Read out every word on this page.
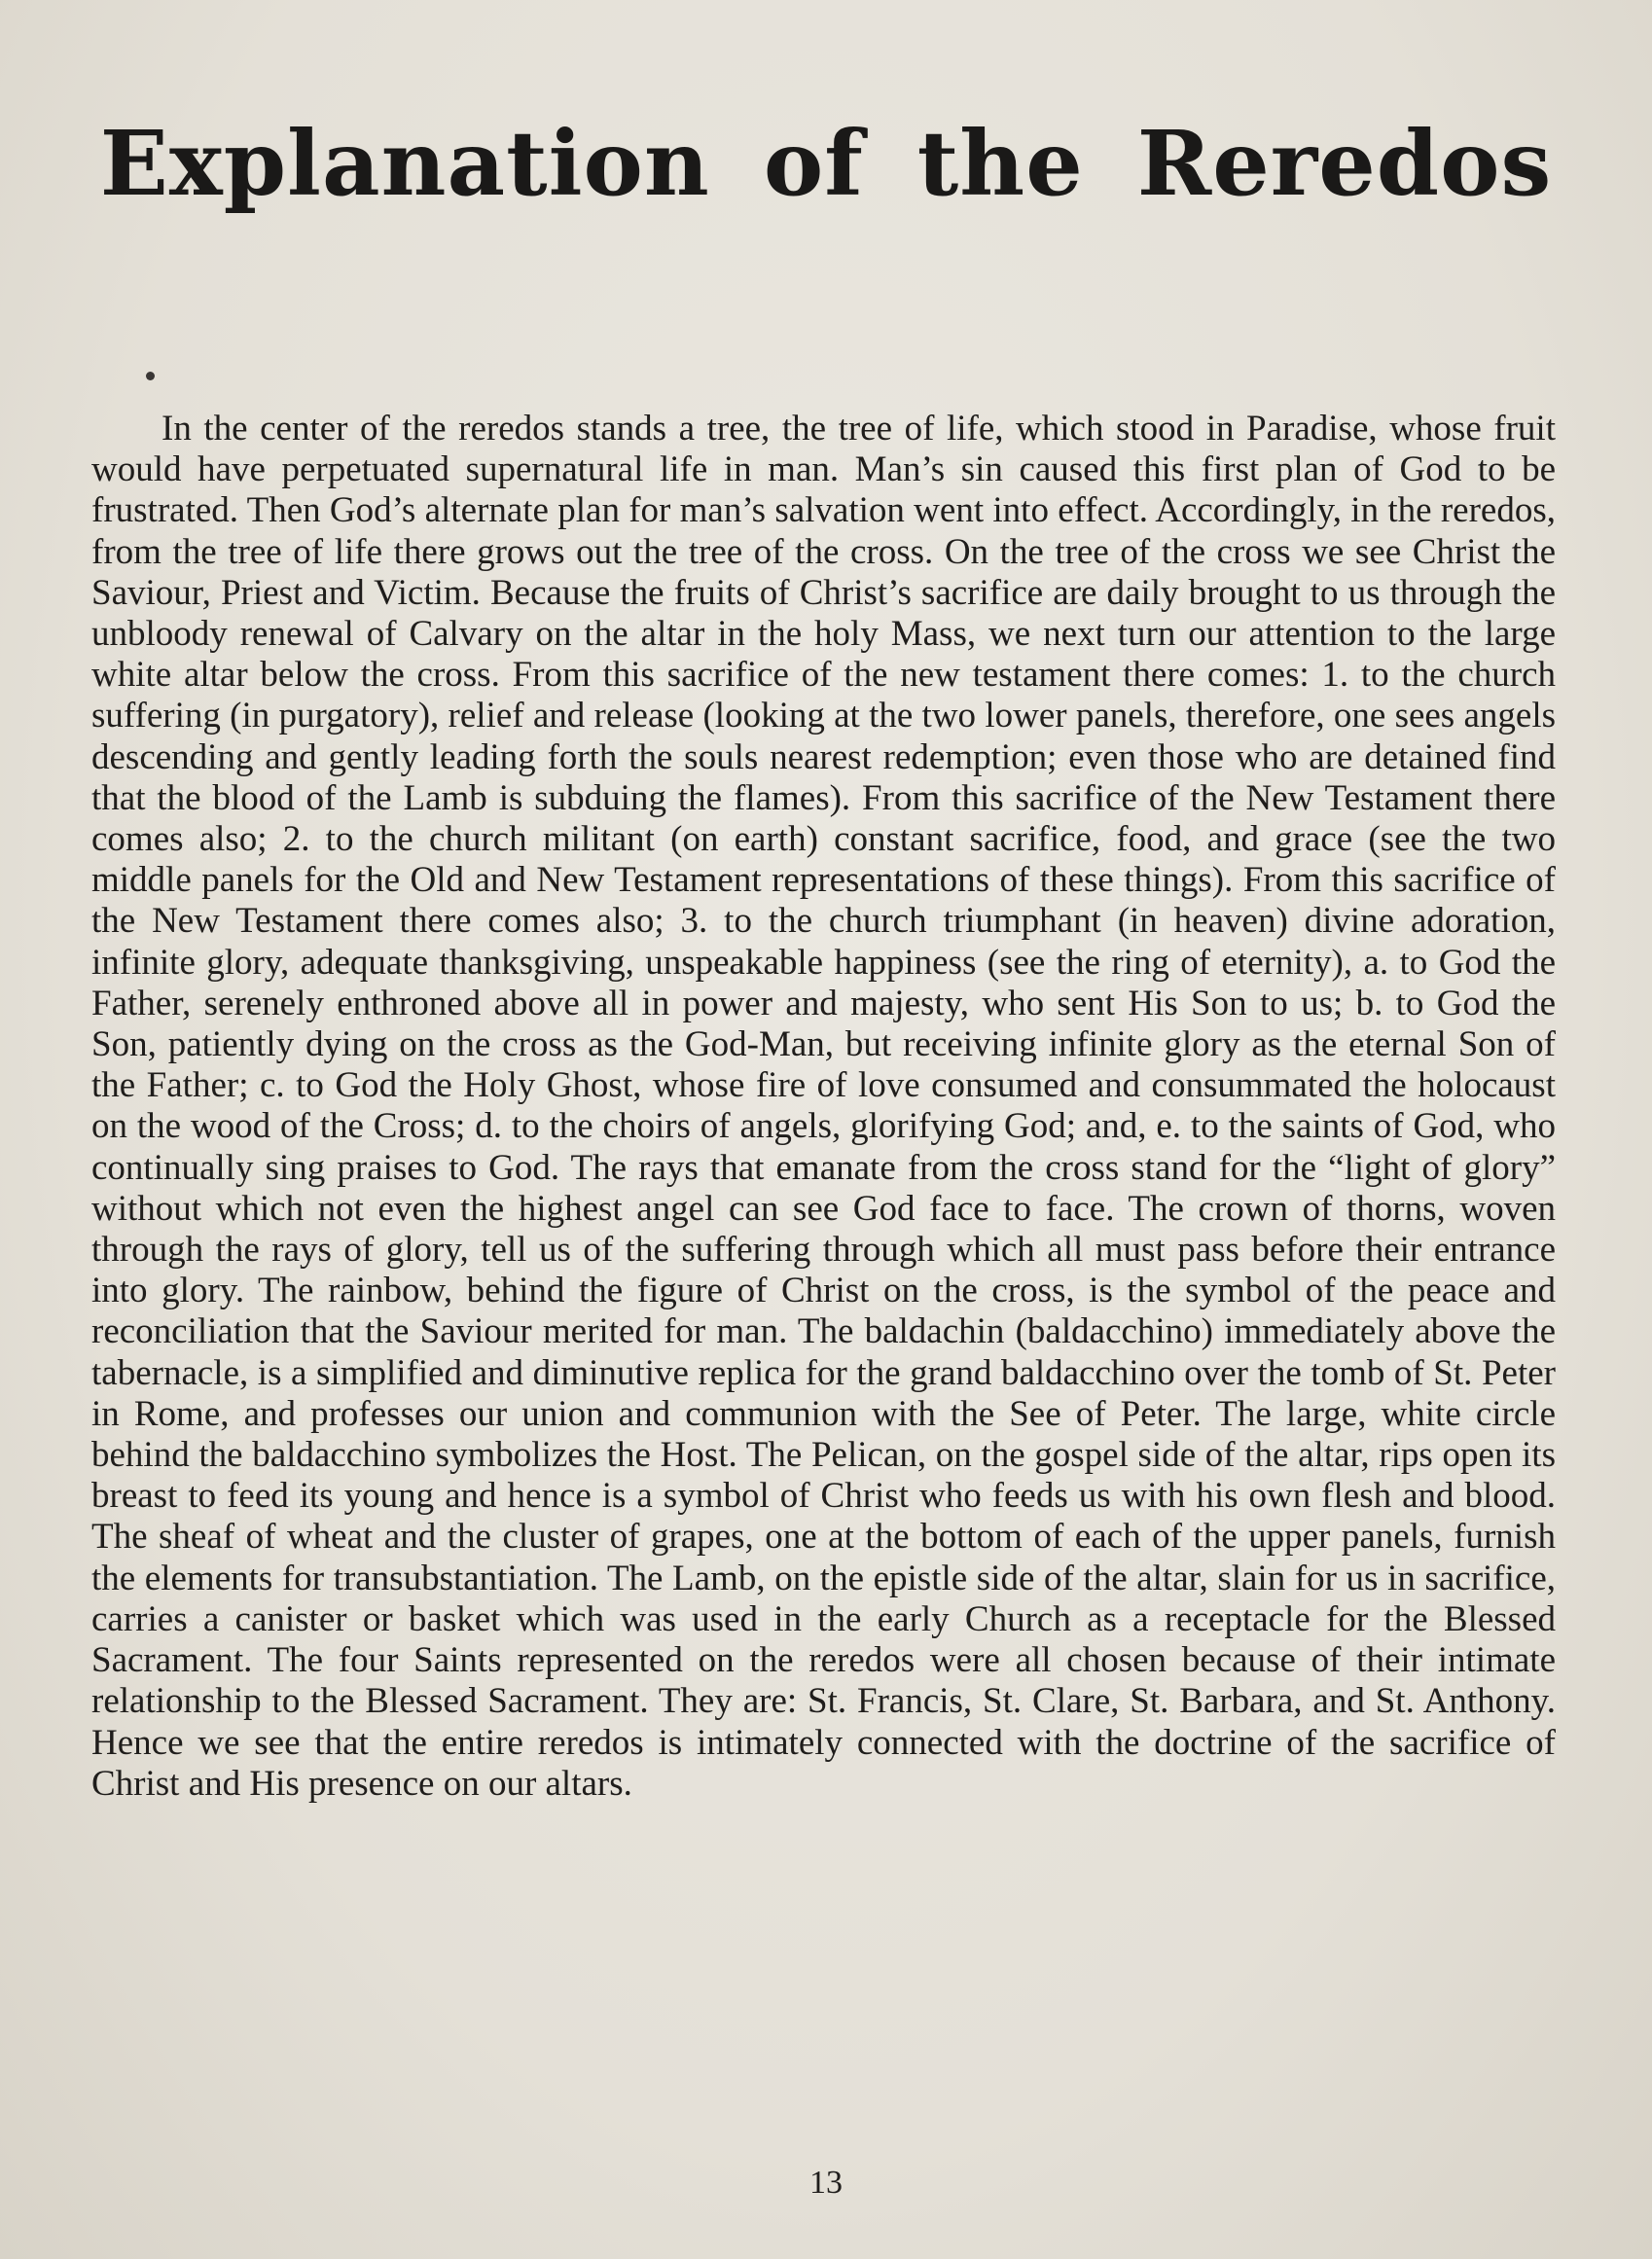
Explanation of the Reredos

In the center of the reredos stands a tree, the tree of life, which stood in Paradise, whose fruit would have perpetuated supernatural life in man. Man’s sin caused this first plan of God to be frustrated. Then God’s alternate plan for man’s salvation went into effect. Accordingly, in the reredos, from the tree of life there grows out the tree of the cross. On the tree of the cross we see Christ the Saviour, Priest and Victim. Because the fruits of Christ’s sacrifice are daily brought to us through the unbloody renewal of Calvary on the altar in the holy Mass, we next turn our attention to the large white altar below the cross. From this sacrifice of the new testament there comes: 1. to the church suffering (in purgatory), relief and release (looking at the two lower panels, therefore, one sees angels descending and gently leading forth the souls nearest redemption; even those who are detained find that the blood of the Lamb is subduing the flames). From this sacrifice of the New Testament there comes also; 2. to the church militant (on earth) constant sacrifice, food, and grace (see the two middle panels for the Old and New Testament representations of these things). From this sacrifice of the New Testament there comes also; 3. to the church triumphant (in heaven) divine adoration, infinite glory, adequate thanksgiving, unspeakable happiness (see the ring of eternity), a. to God the Father, serenely enthroned above all in power and majesty, who sent His Son to us; b. to God the Son, patiently dying on the cross as the God-Man, but receiving infinite glory as the eternal Son of the Father; c. to God the Holy Ghost, whose fire of love consumed and consummated the holocaust on the wood of the Cross; d. to the choirs of angels, glorifying God; and, e. to the saints of God, who continually sing praises to God. The rays that emanate from the cross stand for the “light of glory” without which not even the highest angel can see God face to face. The crown of thorns, woven through the rays of glory, tell us of the suffering through which all must pass before their entrance into glory. The rainbow, behind the figure of Christ on the cross, is the symbol of the peace and reconciliation that the Saviour merited for man. The baldachin (baldacchino) immediately above the tabernacle, is a simplified and diminutive replica for the grand baldacchino over the tomb of St. Peter in Rome, and professes our union and communion with the See of Peter. The large, white circle behind the baldacchino symbolizes the Host. The Pelican, on the gospel side of the altar, rips open its breast to feed its young and hence is a symbol of Christ who feeds us with his own flesh and blood. The sheaf of wheat and the cluster of grapes, one at the bottom of each of the upper panels, furnish the elements for transubstantiation. The Lamb, on the epistle side of the altar, slain for us in sacrifice, carries a canister or basket which was used in the early Church as a receptacle for the Blessed Sacrament. The four Saints represented on the reredos were all chosen because of their intimate relationship to the Blessed Sacrament. They are: St. Francis, St. Clare, St. Barbara, and St. Anthony. Hence we see that the entire reredos is intimately connected with the doctrine of the sacrifice of Christ and His presence on our altars.

13
